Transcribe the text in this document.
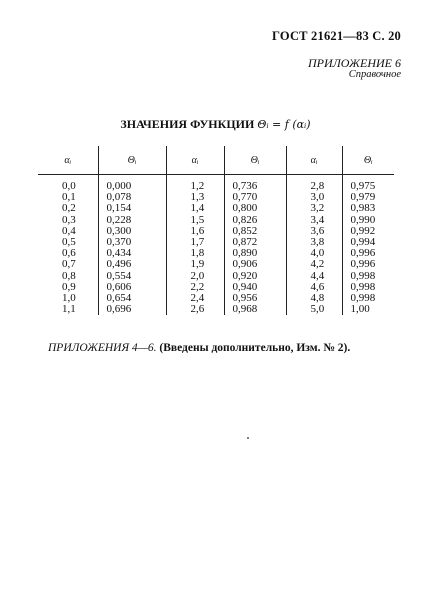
ГОСТ 21621—83 С. 20
ПРИЛОЖЕНИЕ 6
Справочное
ЗНАЧЕНИЯ ФУНКЦИИ Θᵢ = f (αᵢ)
αᵢ	Θᵢ	αᵢ	Θᵢ	αᵢ	Θᵢ
0,0	0,000	1,2	0,736	2,8	0,975
0,1	0,078	1,3	0,770	3,0	0,979
0,2	0,154	1,4	0,800	3,2	0,983
0,3	0,228	1,5	0,826	3,4	0,990
0,4	0,300	1,6	0,852	3,6	0,992
0,5	0,370	1,7	0,872	3,8	0,994
0,6	0,434	1,8	0,890	4,0	0,996
0,7	0,496	1,9	0,906	4,2	0,996
0,8	0,554	2,0	0,920	4,4	0,998
0,9	0,606	2,2	0,940	4,6	0,998
1,0	0,654	2,4	0,956	4,8	0,998
1,1	0,696	2,6	0,968	5,0	1,00
ПРИЛОЖЕНИЯ 4—6. (Введены дополнительно, Изм. № 2).
